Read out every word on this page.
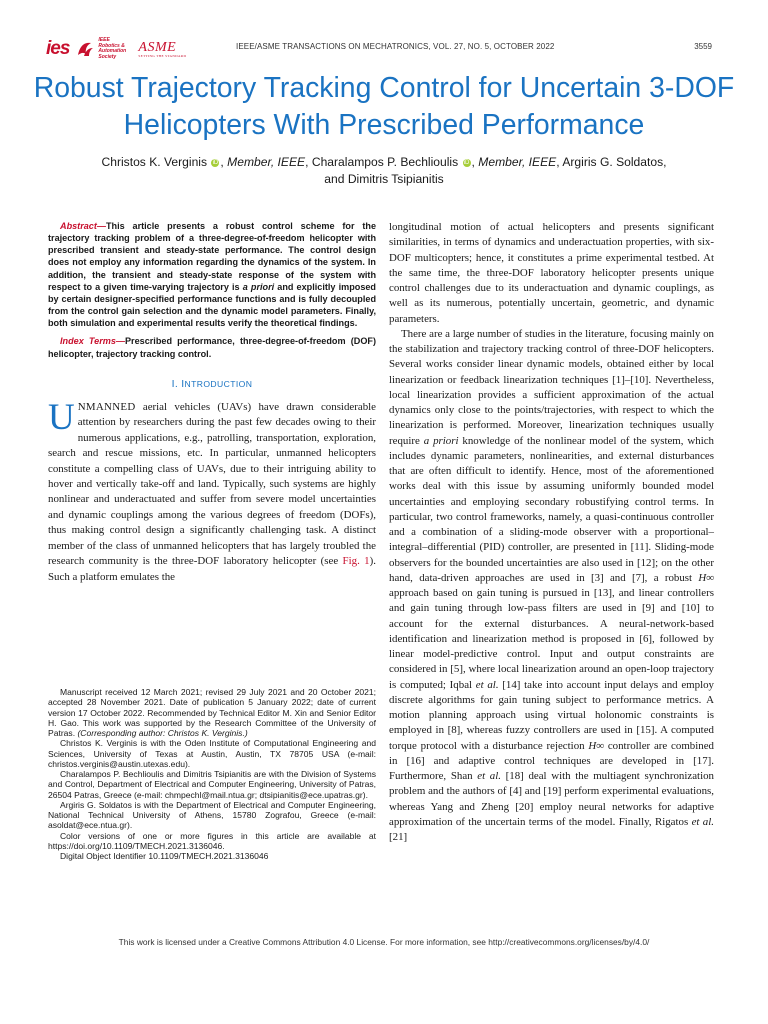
ies	IEEE Robotics & Automation Society
ASME
SETTING THE STANDARD
IEEE/ASME TRANSACTIONS ON MECHATRONICS, VOL. 27, NO. 5, OCTOBER 2022	3559
Robust Trajectory Tracking Control for Uncertain 3-DOF Helicopters With Prescribed Performance
Christos K. Verginis iD , Member, IEEE, Charalampos P. Bechlioulis iD , Member, IEEE, Argiris G. Soldatos,
and Dimitris Tsipianitis

Abstract—This article presents a robust control scheme for the trajectory tracking problem of a three-degree-of-freedom helicopter with prescribed transient and steady-state performance. The control design does not employ any information regarding the dynamics of the system. In addition, the transient and steady-state response of the system with respect to a given time-varying trajectory is a priori and explicitly imposed by certain designer-specified performance functions and is fully decoupled from the control gain selection and the dynamic model parameters. Finally, both simulation and experimental results verify the theoretical findings.

Index Terms—Prescribed performance, three-degree-of-freedom (DOF) helicopter, trajectory tracking control.

I. INTRODUCTION

UNMANNED aerial vehicles (UAVs) have drawn considerable attention by researchers during the past few decades owing to their numerous applications, e.g., patrolling, transportation, exploration, search and rescue missions, etc. In particular, unmanned helicopters constitute a compelling class of UAVs, due to their intriguing ability to hover and vertically take-off and land. Typically, such systems are highly nonlinear and underactuated and suffer from severe model uncertainties and dynamic couplings among the various degrees of freedom (DOFs), thus making control design a significantly challenging task. A distinct member of the class of unmanned helicopters that has largely troubled the research community is the three-DOF laboratory helicopter (see Fig. 1). Such a platform emulates the

Manuscript received 12 March 2021; revised 29 July 2021 and 20 October 2021; accepted 28 November 2021. Date of publication 5 January 2022; date of current version 17 October 2022. Recommended by Technical Editor M. Xin and Senior Editor H. Gao. This work was supported by the Research Committee of the University of Patras. (Corresponding author: Christos K. Verginis.)

Christos K. Verginis is with the Oden Institute of Computational Engineering and Sciences, University of Texas at Austin, Austin, TX 78705 USA (e-mail: christos.verginis@austin.utexas.edu).

Charalampos P. Bechlioulis and Dimitris Tsipianitis are with the Division of Systems and Control, Department of Electrical and Computer Engineering, University of Patras, 26504 Patras, Greece (e-mail: chmpechl@mail.ntua.gr; dtsipianitis@ece.upatras.gr).

Argiris G. Soldatos is with the Department of Electrical and Computer Engineering, National Technical University of Athens, 15780 Zografou, Greece (e-mail: asoldat@ece.ntua.gr).

Color versions of one or more figures in this article are available at https://doi.org/10.1109/TMECH.2021.3136046.

Digital Object Identifier 10.1109/TMECH.2021.3136046

longitudinal motion of actual helicopters and presents significant similarities, in terms of dynamics and underactuation properties, with six-DOF multicopters; hence, it constitutes a prime experimental testbed. At the same time, the three-DOF laboratory helicopter presents unique control challenges due to its underactuation and dynamic couplings, as well as its numerous, potentially uncertain, geometric, and dynamic parameters.

There are a large number of studies in the literature, focusing mainly on the stabilization and trajectory tracking control of three-DOF helicopters. Several works consider linear dynamic models, obtained either by local linearization or feedback linearization techniques [1]–[10]. Nevertheless, local linearization provides a sufficient approximation of the actual dynamics only close to the points/trajectories, with respect to which the linearization is performed. Moreover, linearization techniques usually require a priori knowledge of the nonlinear model of the system, which includes dynamic parameters, nonlinearities, and external disturbances that are often difficult to identify. Hence, most of the aforementioned works deal with this issue by assuming uniformly bounded model uncertainties and employing secondary robustifying control terms. In particular, two control frameworks, namely, a quasi-continuous controller and a combination of a sliding-mode observer with a proportional–integral–differential (PID) controller, are presented in [11]. Sliding-mode observers for the bounded uncertainties are also used in [12]; on the other hand, data-driven approaches are used in [3] and [7], a robust H∞ approach based on gain tuning is pursued in [13], and linear controllers and gain tuning through low-pass filters are used in [9] and [10] to account for the external disturbances. A neural-network-based identification and linearization method is proposed in [6], followed by linear model-predictive control. Input and output constraints are considered in [5], where local linearization around an open-loop trajectory is computed; Iqbal et al. [14] take into account input delays and employ discrete algorithms for gain tuning subject to performance metrics. A motion planning approach using virtual holonomic constraints is employed in [8], whereas fuzzy controllers are used in [15]. A computed torque protocol with a disturbance rejection H∞ controller are combined in [16] and adaptive control techniques are developed in [17]. Furthermore, Shan et al. [18] deal with the multiagent synchronization problem and the authors of [4] and [19] perform experimental evaluations, whereas Yang and Zheng [20] employ neural networks for adaptive approximation of the uncertain terms of the model. Finally, Rigatos et al. [21]

This work is licensed under a Creative Commons Attribution 4.0 License. For more information, see http://creativecommons.org/licenses/by/4.0/
